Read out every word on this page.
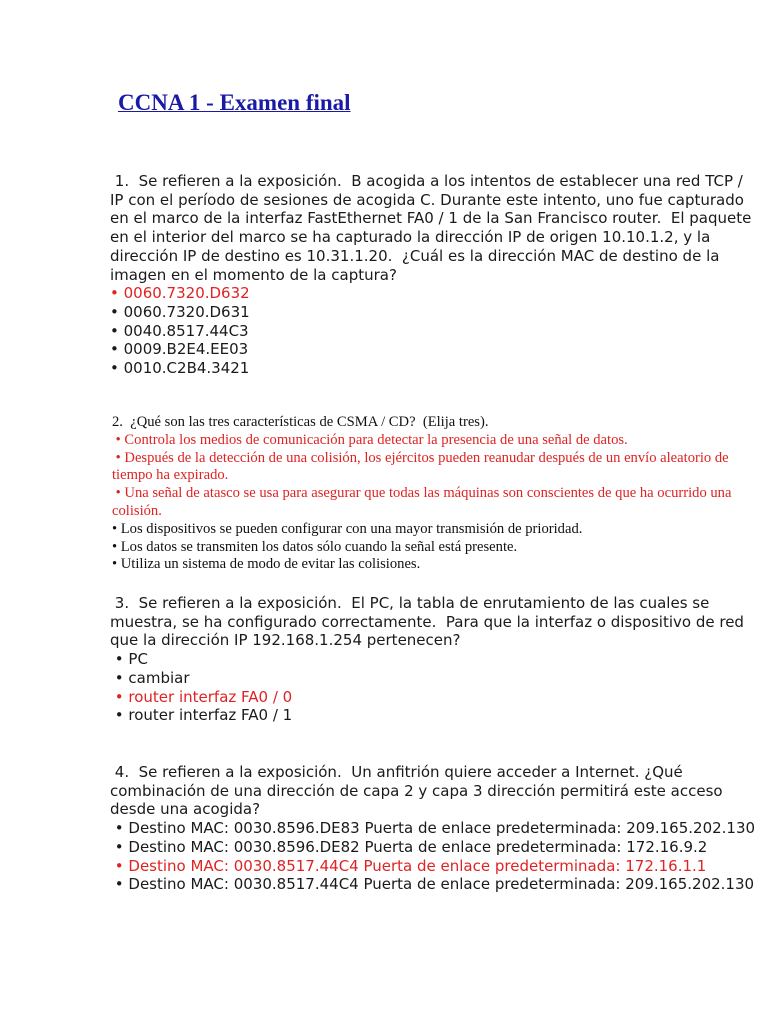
CCNA 1 - Examen final

1.  Se refieren a la exposición.  B acogida a los intentos de establecer una red TCP / IP con el período de sesiones de acogida C. Durante este intento, uno fue capturado en el marco de la interfaz FastEthernet FA0 / 1 de la San Francisco router.  El paquete en el interior del marco se ha capturado la dirección IP de origen 10.10.1.2, y la dirección IP de destino es 10.31.1.20.  ¿Cuál es la dirección MAC de destino de la imagen en el momento de la captura?

• 0060.7320.D632
• 0060.7320.D631
• 0040.8517.44C3
• 0009.B2E4.EE03
• 0010.C2B4.3421

2.  ¿Qué son las tres características de CSMA / CD?  (Elija tres).

• Controla los medios de comunicación para detectar la presencia de una señal de datos.
• Después de la detección de una colisión, los ejércitos pueden reanudar después de un envío aleatorio de tiempo ha expirado.
• Una señal de atasco se usa para asegurar que todas las máquinas son conscientes de que ha ocurrido una colisión.
• Los dispositivos se pueden configurar con una mayor transmisión de prioridad.
• Los datos se transmiten los datos sólo cuando la señal está presente.
• Utiliza un sistema de modo de evitar las colisiones.

3.  Se refieren a la exposición.  El PC, la tabla de enrutamiento de las cuales se muestra, se ha configurado correctamente.  Para que la interfaz o dispositivo de red que la dirección IP 192.168.1.254 pertenecen?

• PC
• cambiar
• router interfaz FA0 / 0
• router interfaz FA0 / 1

4.  Se refieren a la exposición.  Un anfitrión quiere acceder a Internet. ¿Qué combinación de una dirección de capa 2 y capa 3 dirección permitirá este acceso desde una acogida?

• Destino MAC: 0030.8596.DE83 Puerta de enlace predeterminada: 209.165.202.130
• Destino MAC: 0030.8596.DE82 Puerta de enlace predeterminada: 172.16.9.2
• Destino MAC: 0030.8517.44C4 Puerta de enlace predeterminada: 172.16.1.1
• Destino MAC: 0030.8517.44C4 Puerta de enlace predeterminada: 209.165.202.130
